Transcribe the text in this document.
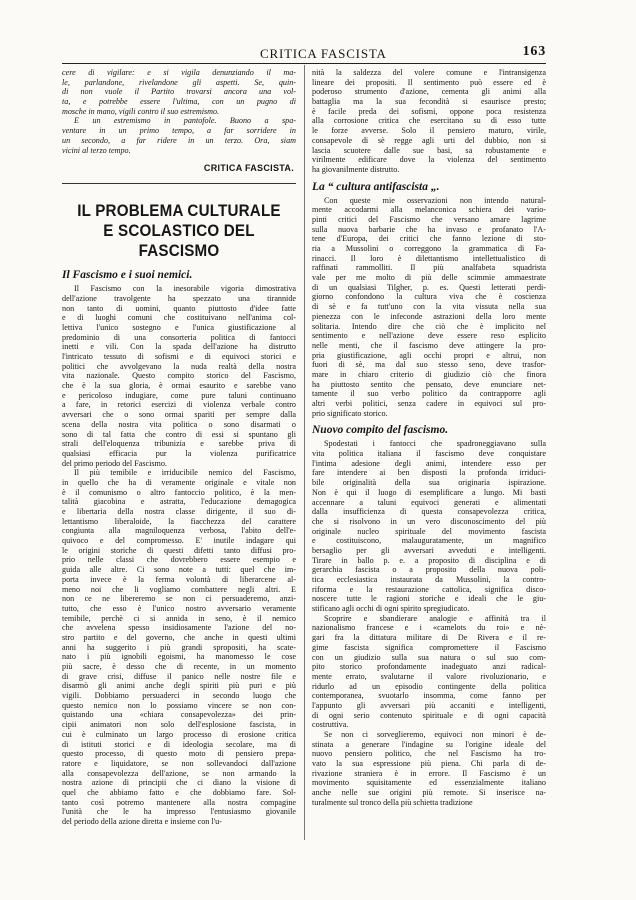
CRITICA FASCISTA	163
cere di vigilare: e si vigila denunziando il ma-
le, parlandone, rivelandone gli aspetti. Se, quin-
di non vuole il Partito trovarsi ancora una vol-
ta, e potrebbe essere l'ultima, con un pugno di
mosche in mano, vigili contro il suo estremismo.
E un estremismo in pantofole. Buono a spa-
ventare in un primo tempo, a far sorridere in
un secondo, a far ridere in un terzo. Ora, siam
vicini al terzo tempo.
CRITICA FASCISTA.
IL PROBLEMA CULTURALE
E SCOLASTICO DEL FASCISMO
Il Fascismo e i suoi nemici.
Il Fascismo con la inesorabile vigoria dimostrativa
dell'azione travolgente ha spezzato una tirannide
non tanto di uomini, quanto piuttosto d'idee fatte
e di luoghi comuni che costituivano nell'anima col-
lettiva l'unico sostegno e l'unica giustificazione al
predominio di una consorteria politica di fantocci
inetti e vili. Con la spada dell'azione ha distrutto
l'intricato tessuto di sofismi e di equivoci storici e
politici che avvolgevano la nuda realtà della nostra
vita nazionale. Questo compito storico del Fascismo,
che è la sua gloria, è ormai esaurito e sarebbe vano
e pericoloso indugiare, come pure taluni continuano
a fare, in retorici esercizi di violenza verbale contro
avversari che o sono ormai spariti per sempre dalla
scena della nostra vita politica o sono disarmati o
sono di tal fatta che contro di essi si spuntano gli
strali dell'eloquenza tribunizia e sarebbe priva di
qualsiasi efficacia pur la violenza purificatrice
del primo periodo del Fascismo.
Il più temibile e irriducibile nemico del Fascismo,
in quello che ha di veramente originale e vitale non
è il comunismo o altro fantoccio politico, è la men-
talità giacobina e astratta, l'educazione demagogica
e libertaria della nostra classe dirigente, il suo di-
lettantismo liberaloide, la fiacchezza del carattere
congiunta alla magniloquenza verbosa, l'abito dell'e-
quivoco e del compromesso. E' inutile indagare qui
le origini storiche di questi difetti tanto diffusi pro-
prio nelle classi che dovrebbero essere esempio e
guida alle altre. Ci sono note a tutti: quel che im-
porta invece è la ferma volontà di liberarcene al-
meno noi che li vogliamo combattere negli altri. E
non ce ne libereremo se non ci persuaderemo, anzi-
tutto, che esso è l'unico nostro avversario veramente
temibile, perchè ci si annida in seno, è il nemico
che avvelena spesso insidiosamente l'azione del no-
stro partito e del governo, che anche in questi ultimi
anni ha suggerito i più grandi spropositi, ha scate-
nato i più ignobili egoismi, ha manomesso le cose
più sacre, è desso che di recente, in un momento
di grave crisi, diffuse il panico nelle nostre file e
disarmò gli animi anche degli spiriti più puri e più
vigili. Dobbiamo persuaderci in secondo luogo che
questo nemico non lo possiamo vincere se non con-
quistando una «chiara consapevolezza» dei prin-
cipii animatori non solo dell'esplosione fascista, in
cui è culminato un largo processo di erosione critica
di istituti storici e di ideologia secolare, ma di
questo processo, di questo moto di pensiero prepa-
ratore e liquidatore, se non sollevandoci dall'azione
alla consapevolezza dell'azione, se non armando la
nostra azione di principii che ci diano la visione di
quel che abbiamo fatto e che dobbiamo fare. Sol-
tanto così potremo mantenere alla nostra compagine
l'unità che le ha impresso l'entusiasmo giovanile
del periodo della azione diretta e insieme con l'u-
nità la saldezza del volere comune e l'intransigenza
lineare dei propositi. Il sentimento può essere ed è
poderoso strumento d'azione, cementa gli animi alla
battaglia ma la sua fecondità si esaurisce presto;
è facile preda dei sofismi, oppone poca resistenza
alla corrosione critica che esercitano su di esso tutte
le forze avverse. Solo il pensiero maturo, virile,
consapevole di sè regge agli urti del dubbio, non si
lascia scuotere dalle sue basi, sa robustamente e
virilmente edificare dove la violenza del sentimento
ha giovanilmente distrutto.
La “ cultura antifascista „.
Con queste mie osservazioni non intendo natural-
mente accodarmi alla melanconica schiera dei vario-
pinti critici del Fascismo che versano amare lagrime
sulla nuova barbarie che ha invaso e profanato l'A-
tene d'Europa, dei critici che fanno lezione di sto-
ria a Mussolini o correggono la grammatica di Fa-
rinacci. Il loro è dilettantismo intellettualistico di
raffinati rammolliti. Il più analfabeta squadrista
vale per me molto di più delle scimmie ammaestrate
di un qualsiasi Tilgher, p. es. Questi letterati perdi-
giorno confondono la cultura viva che è coscienza
di sè e fa tutt'uno con la vita vissuta nella sua
pienezza con le infeconde astrazioni della loro mente
solitaria. Intendo dire che ciò che è implicito nel
sentimento e nell'azione deve essere reso esplicito
nelle menti, che il fascismo deve attingere la pro-
pria giustificazione, agli occhi propri e altrui, non
fuori di sè, ma dal suo stesso seno, deve trasfor-
mare in chiaro criterio di giudizio ciò che finora
ha piuttosto sentito che pensato, deve enunciare net-
tamente il suo verbo politico da contrapporre agli
altri verbi politici, senza cadere in equivoci sul pro-
prio significato storico.
Nuovo compito del fascismo.
Spodestati i fantocci che spadroneggiavano sulla
vita politica italiana il fascismo deve conquistare
l'intima adesione degli animi, intendere esso per
fare intendere ai ben disposti la profonda irriduci-
bile originalità della sua originaria ispirazione.
Non è qui il luogo di esemplificare a lungo. Mi basti
accennare a taluni equivoci generati e alimentati
dalla insufficienza di questa consapevolezza critica,
che si risolvono in un vero disconoscimento del più
originale nucleo spirituale del movimento fascista
e costituiscono, malauguratamente, un magnifico
bersaglio per gli avversari avveduti e intelligenti.
Tirare in ballo p. e. a proposito di disciplina e di
gerarchia fascista o a proposito della nuova poli-
tica ecclesiastica instaurata da Mussolini, la contro-
riforma e la restaurazione cattolica, significa disco-
noscere tutte le ragioni storiche e ideali che le giu-
stificano agli occhi di ogni spirito spregiudicato.
Scoprire e sbandierare analogie e affinità tra il
nazionalismo francese e i «camelots du roi» e nè-
gari fra la dittatura militare di De Rivera e il re-
gime fascista significa compromettere il Fascismo
con un giudizio sulla sua natura o sul suo com-
pito storico profondamente inadeguato anzi radical-
mente errato, svalutarne il valore rivoluzionario, e
ridurlo ad un episodio contingente della politica
contemporanea, svuotarlo insomma, come fanno per
l'appunto gli avversari più accaniti e intelligenti,
di ogni serio contenuto spirituale e di ogni capacità
costruttiva.
Se non ci sorveglieremo, equivoci non minori è de-
stinata a generare l'indagine su l'origine ideale del
nuovo pensiero politico, che nel Fascismo ha tro-
vato la sua espressione più piena. Chi parla di de-
rivazione straniera è in errore. Il Fascismo è un
movimento squisitamente ed essenzialmente italiano
anche nelle sue origini più remote. Si inserisce na-
turalmente sul tronco della più schietta tradizione
